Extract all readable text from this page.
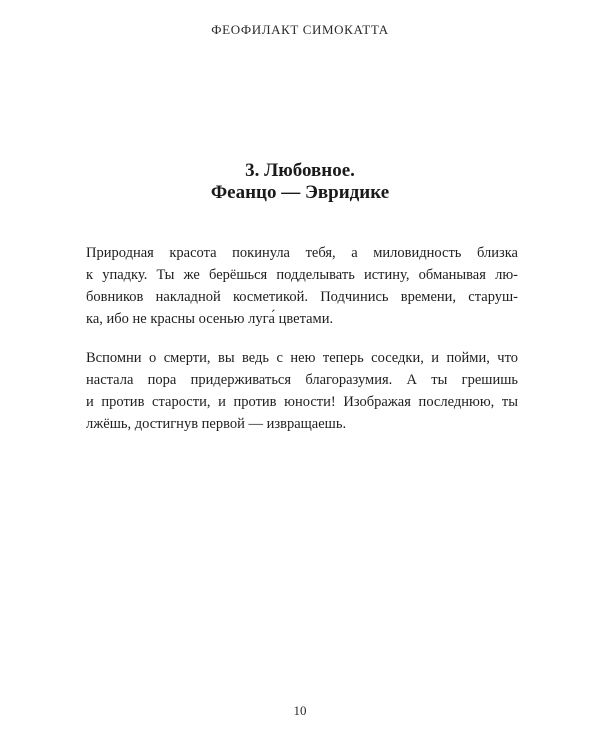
ФЕОФИЛАКТ СИМОКАТТА
3. Любовное.
Феанцо — Эвридике
Природная красота покинула тебя, а миловидность близка
к упадку. Ты же берёшься подделывать истину, обманывая лю-
бовников накладной косметикой. Подчинись времени, старуш-
ка, ибо не красны осенью луга́ цветами.
Вспомни о смерти, вы ведь с нею теперь соседки, и пойми, что
настала пора придерживаться благоразумия. А ты грешишь
и против старости, и против юности! Изображая последнюю, ты
лжёшь, достигнув первой — извращаешь.
10
